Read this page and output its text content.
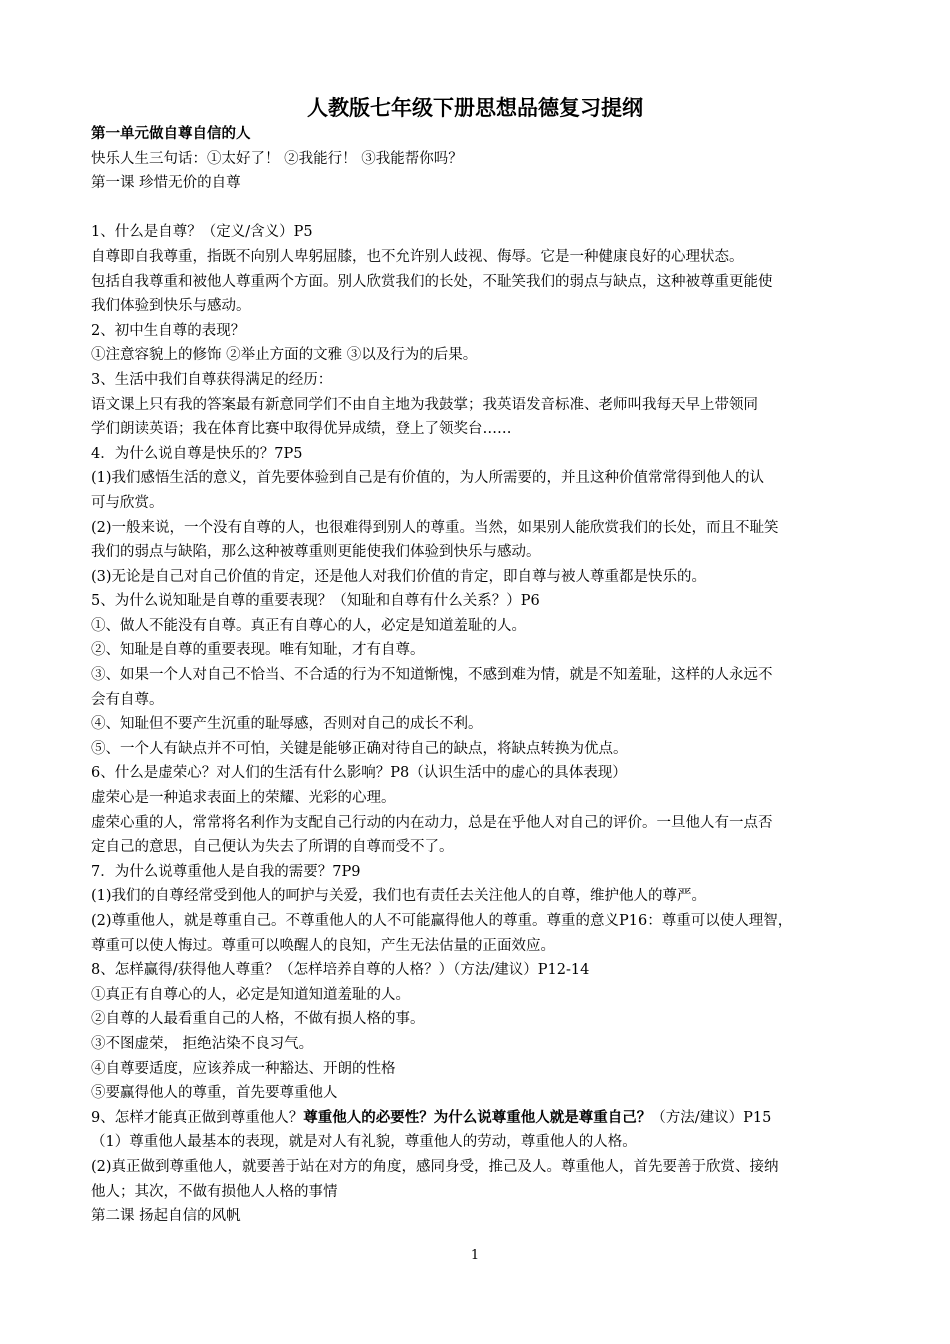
人教版七年级下册思想品德复习提纲
第一单元做自尊自信的人
快乐人生三句话：①太好了！ ②我能行！ ③我能帮你吗？
第一课 珍惜无价的自尊
1、什么是自尊？（定义/含义）P5
自尊即自我尊重，指既不向别人卑躬屈膝，也不允许别人歧视、侮辱。它是一种健康良好的心理状态。
包括自我尊重和被他人尊重两个方面。别人欣赏我们的长处，不耻笑我们的弱点与缺点，这种被尊重更能使
我们体验到快乐与感动。
2、初中生自尊的表现？
①注意容貌上的修饰 ②举止方面的文雅 ③以及行为的后果。
3、生活中我们自尊获得满足的经历：
语文课上只有我的答案最有新意同学们不由自主地为我鼓掌；我英语发音标准、老师叫我每天早上带领同
学们朗读英语；我在体育比赛中取得优异成绩，登上了领奖台……
4．为什么说自尊是快乐的？7P5
(1)我们感悟生活的意义，首先要体验到自己是有价值的，为人所需要的，并且这种价值常常得到他人的认
可与欣赏。
(2)一般来说，一个没有自尊的人，也很难得到别人的尊重。当然，如果别人能欣赏我们的长处，而且不耻笑
我们的弱点与缺陷，那么这种被尊重则更能使我们体验到快乐与感动。
(3)无论是自己对自己价值的肯定，还是他人对我们价值的肯定，即自尊与被人尊重都是快乐的。
5、为什么说知耻是自尊的重要表现？（知耻和自尊有什么关系？）P6
①、做人不能没有自尊。真正有自尊心的人，必定是知道羞耻的人。
②、知耻是自尊的重要表现。唯有知耻，才有自尊。
③、如果一个人对自己不恰当、不合适的行为不知道惭愧，不感到难为情，就是不知羞耻，这样的人永远不
会有自尊。
④、知耻但不要产生沉重的耻辱感，否则对自己的成长不利。
⑤、一个人有缺点并不可怕，关键是能够正确对待自己的缺点，将缺点转换为优点。
6、什么是虚荣心？对人们的生活有什么影响？P8（认识生活中的虚心的具体表现）
虚荣心是一种追求表面上的荣耀、光彩的心理。
虚荣心重的人，常常将名利作为支配自己行动的内在动力，总是在乎他人对自己的评价。一旦他人有一点否
定自己的意思，自己便认为失去了所谓的自尊而受不了。
7．为什么说尊重他人是自我的需要？7P9
(1)我们的自尊经常受到他人的呵护与关爱，我们也有责任去关注他人的自尊，维护他人的尊严。
(2)尊重他人，就是尊重自己。不尊重他人的人不可能赢得他人的尊重。尊重的意义P16：尊重可以使人理智，
尊重可以使人悔过。尊重可以唤醒人的良知，产生无法估量的正面效应。
8、怎样赢得/获得他人尊重？（怎样培养自尊的人格？）（方法/建议）P12-14
①真正有自尊心的人，必定是知道知道羞耻的人。
②自尊的人最看重自己的人格，不做有损人格的事。
③不图虚荣， 拒绝沾染不良习气。
④自尊要适度，应该养成一种豁达、开朗的性格
⑤要赢得他人的尊重，首先要尊重他人
9、怎样才能真正做到尊重他人？尊重他人的必要性？为什么说尊重他人就是尊重自己？（方法/建议）P15
（1）尊重他人最基本的表现，就是对人有礼貌，尊重他人的劳动，尊重他人的人格。
(2)真正做到尊重他人，就要善于站在对方的角度，感同身受，推己及人。尊重他人，首先要善于欣赏、接纳
他人；其次，不做有损他人人格的事情
第二课 扬起自信的风帆
1
